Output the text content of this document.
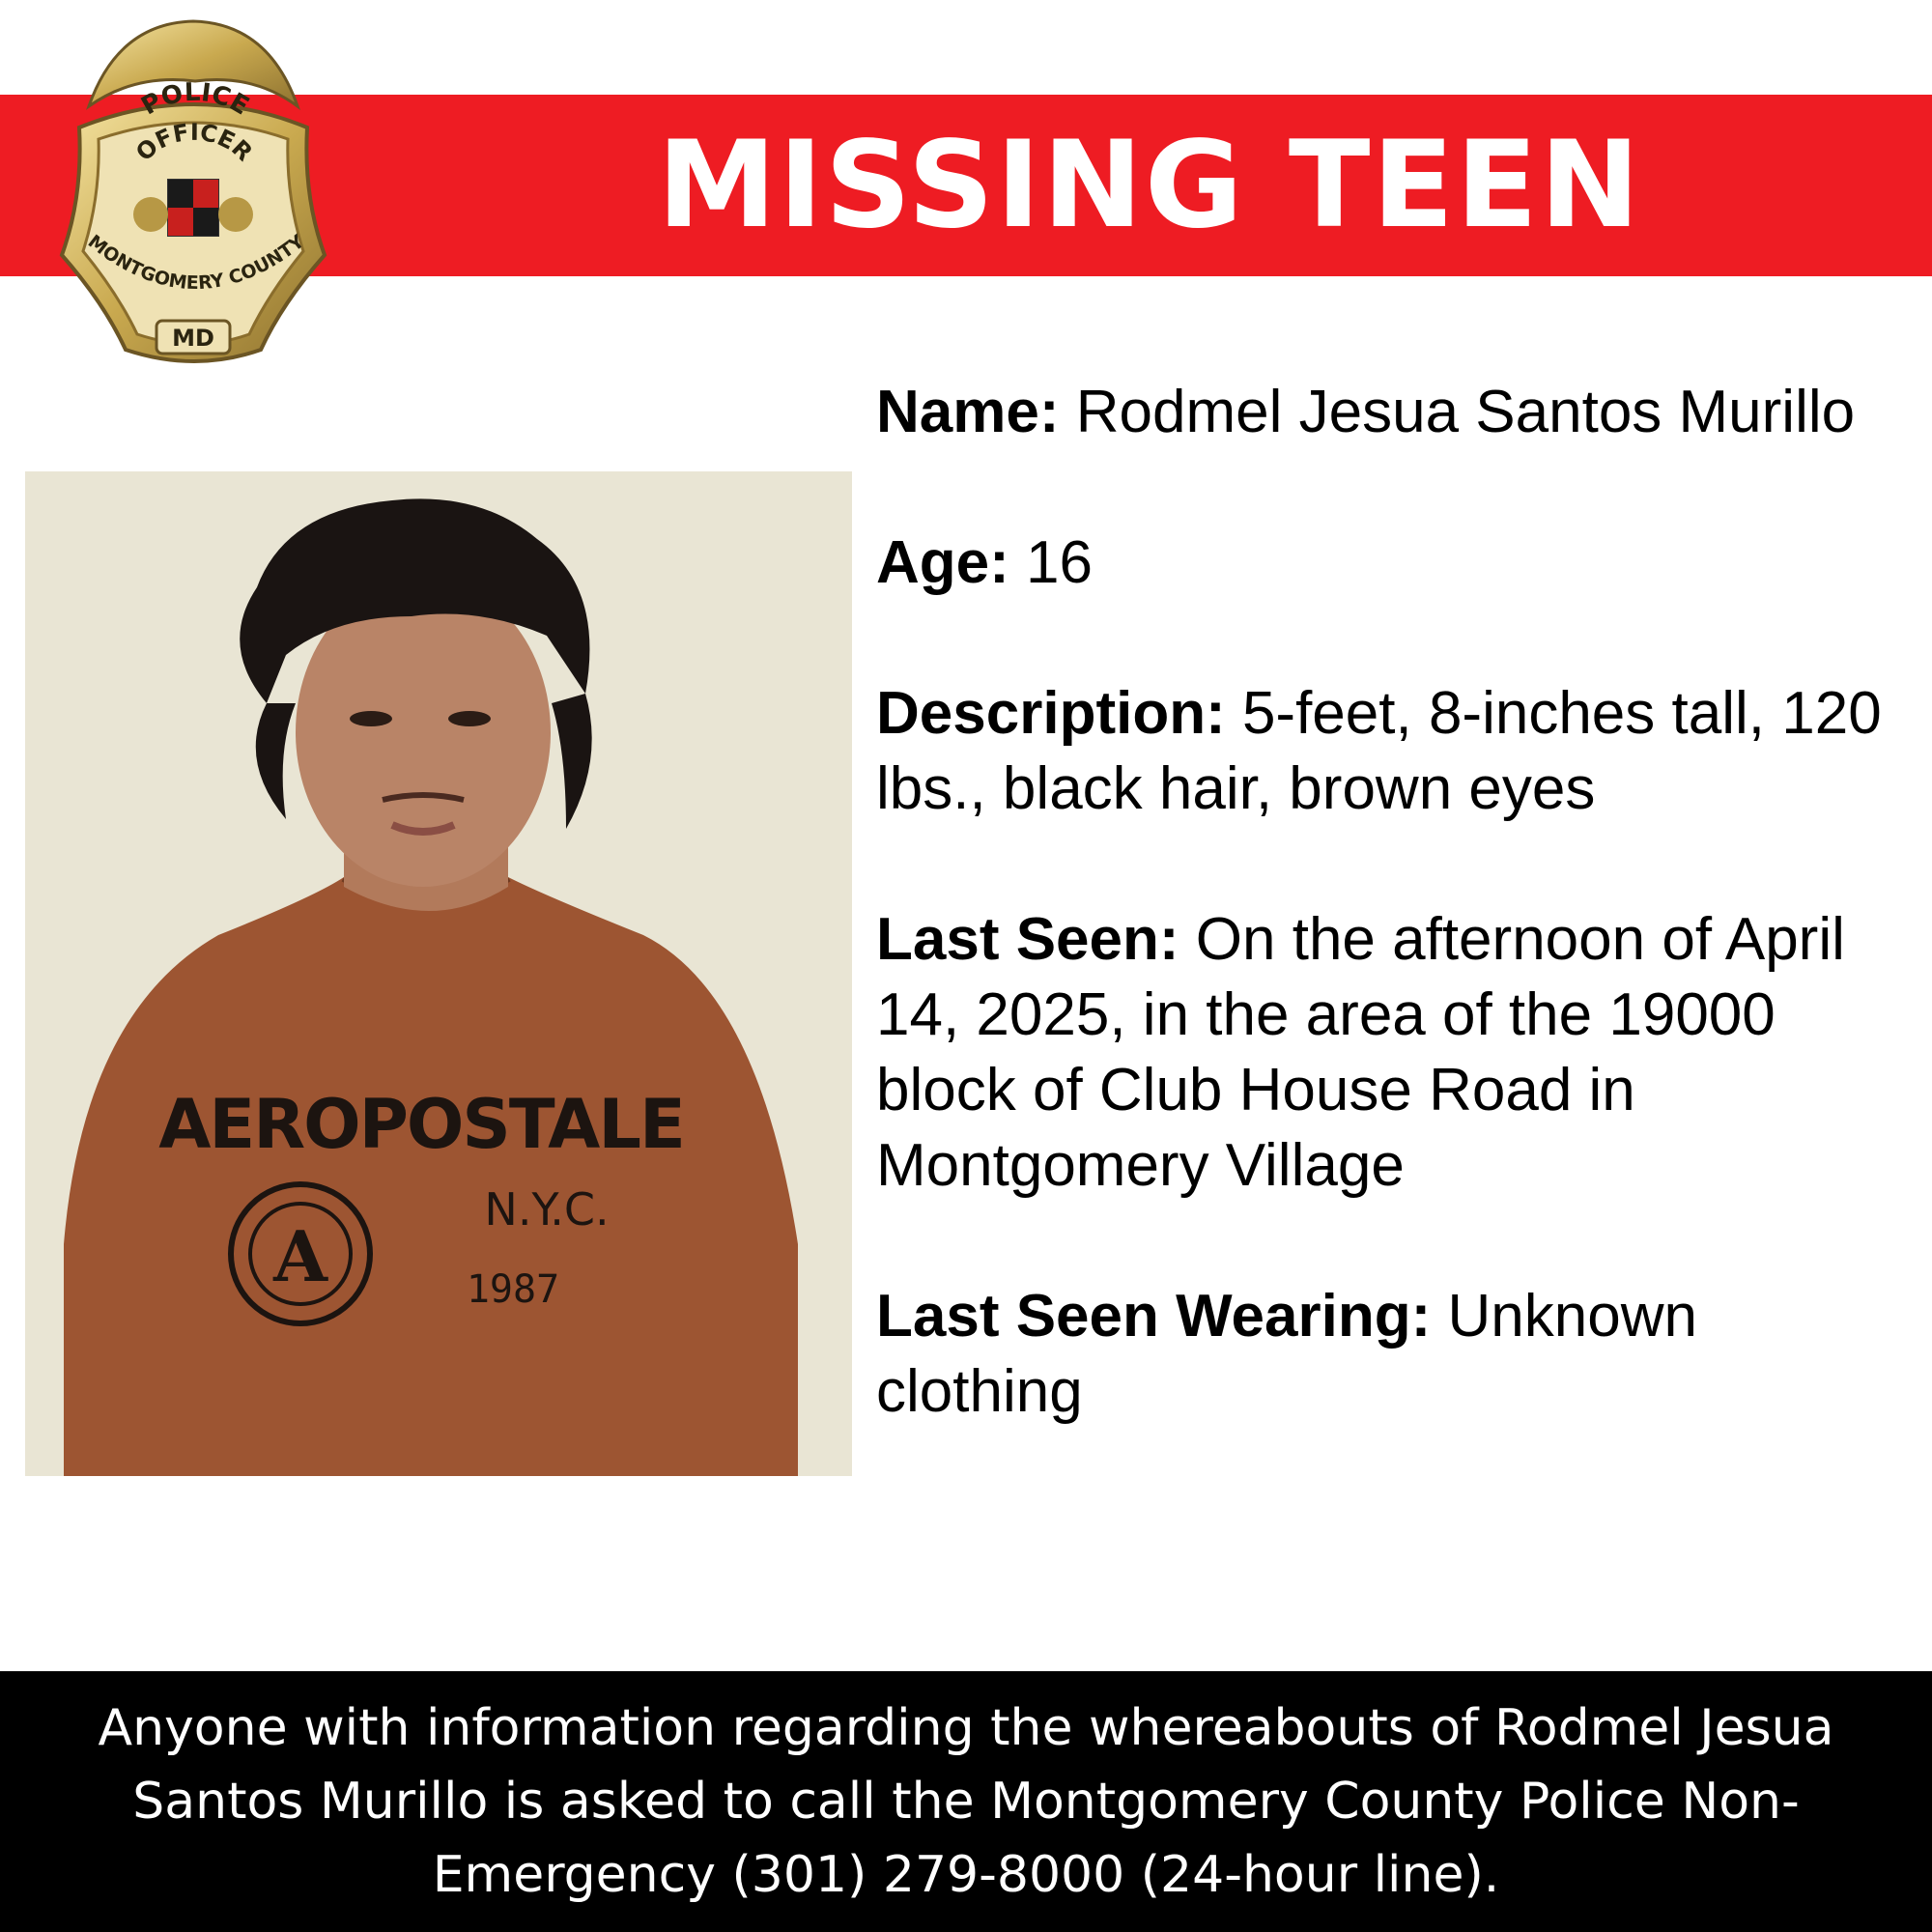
MISSING TEEN
POLICE
OFFICER
MONTGOMERY COUNTY
MD
AEROPOSTALE
A
N.Y.C.
1987
Name: Rodmel Jesua Santos Murillo
Age: 16
Description: 5-feet, 8-inches tall, 120 lbs., black hair, brown eyes
Last Seen: On the afternoon of April 14, 2025, in the area of the 19000 block of Club House Road in Montgomery Village
Last Seen Wearing: Unknown clothing
Anyone with information regarding the whereabouts of Rodmel Jesua Santos Murillo is asked to call the Montgomery County Police Non-Emergency (301) 279-8000 (24-hour line).
